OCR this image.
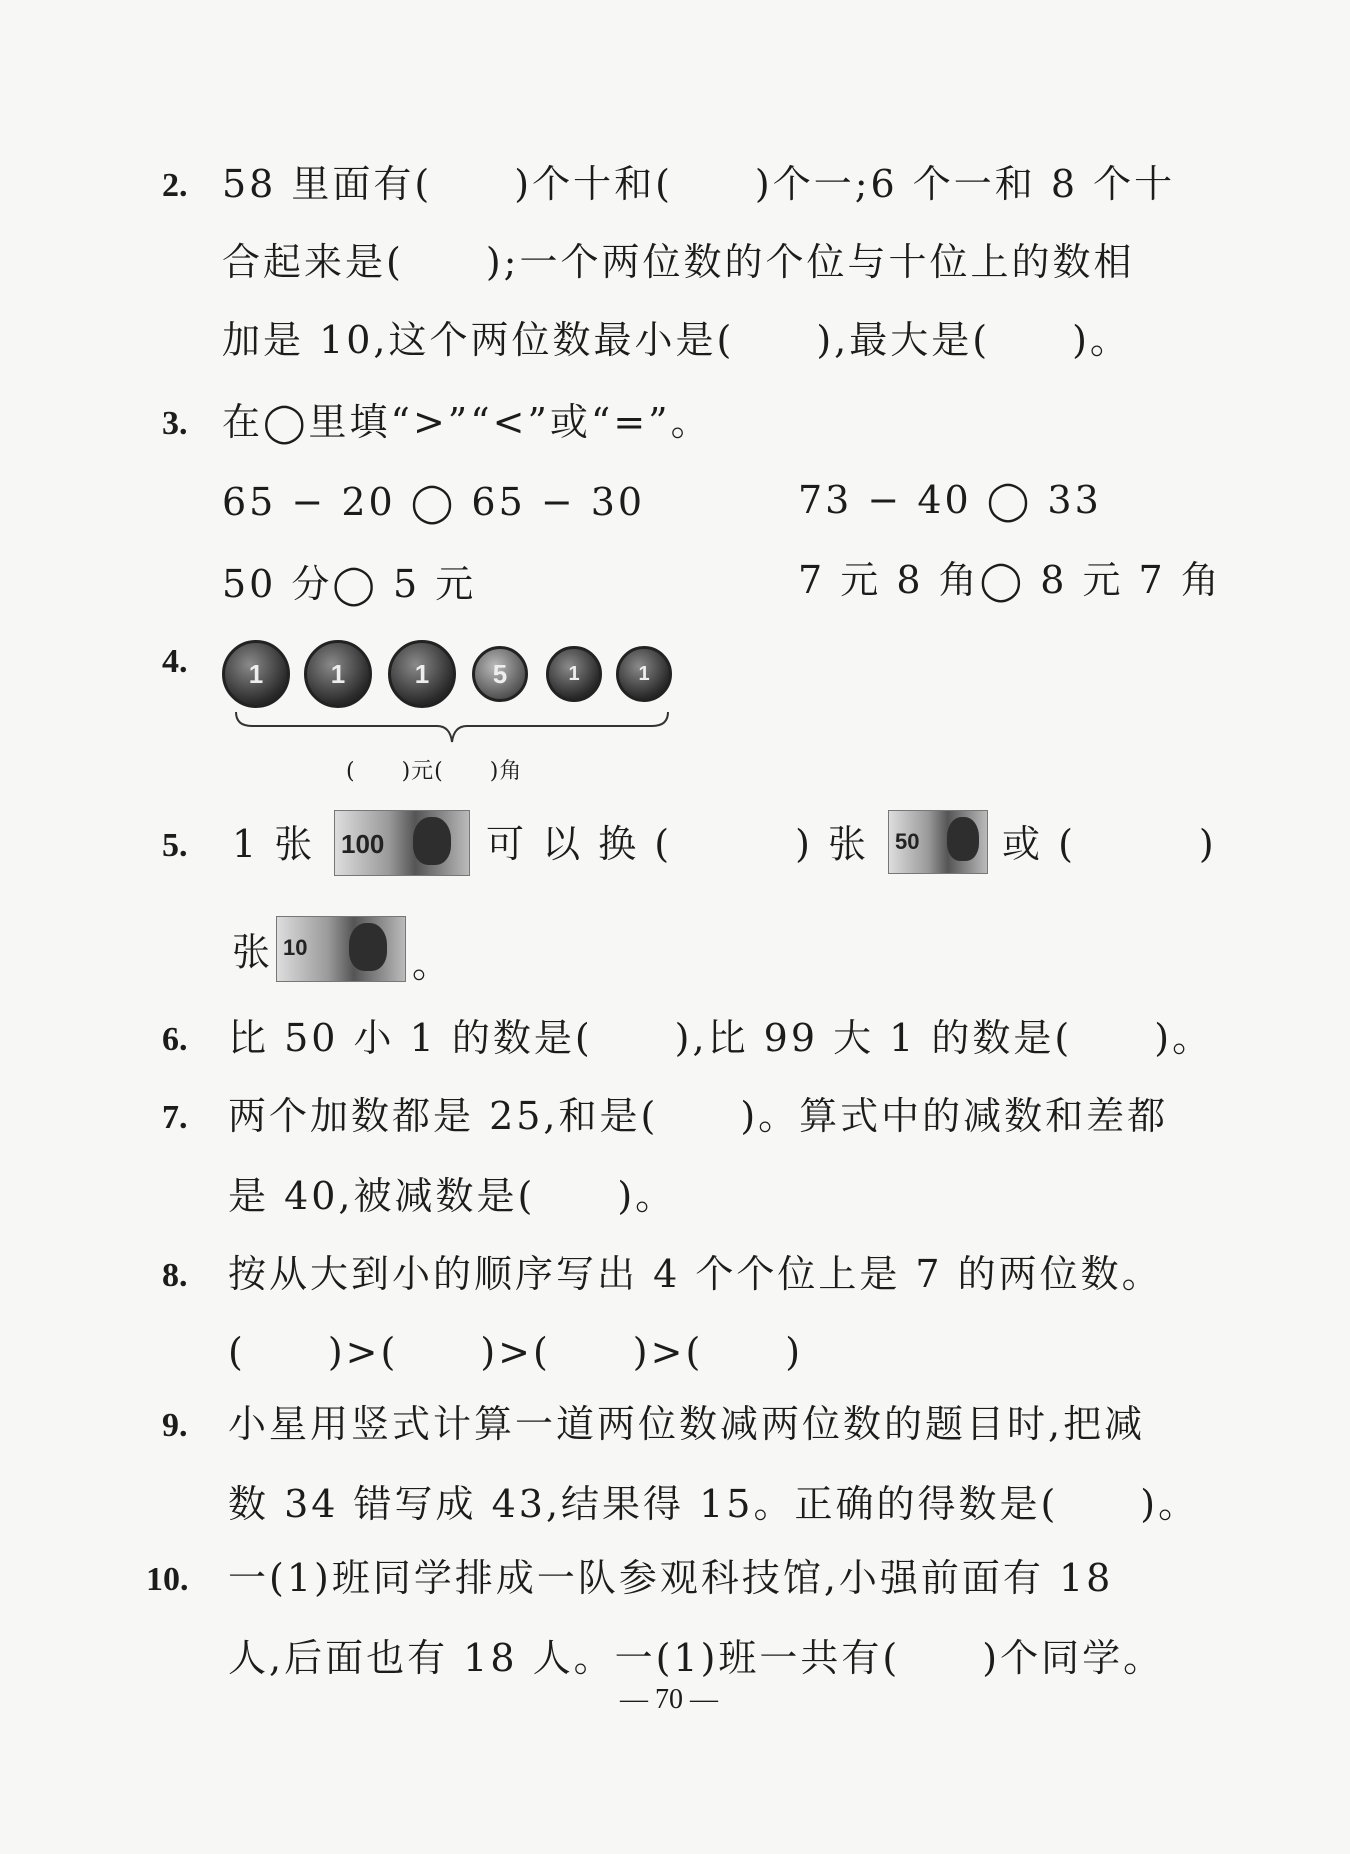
2. 58 里面有(　　)个十和(　　)个一;6 个一和 8 个十
合起来是(　　);一个两位数的个位与十位上的数相
加是 10,这个两位数最小是(　　),最大是(　　)。
3. 在◯里填“>”“<”或“=”。
65 − 20 ◯ 65 − 30	73 − 40 ◯ 33
50 分◯ 5 元	7 元 8 角◯ 8 元 7 角
4. 1	1	1 5	1	1
(　　)元(　　)角
5. 1 张 100	可 以 换 (　　　) 张 50 或 (　　　)
张 10	。
6. 比 50 小 1 的数是(　　),比 99 大 1 的数是(　　)。
7. 两个加数都是 25,和是(　　)。算式中的减数和差都
是 40,被减数是(　　)。
8. 按从大到小的顺序写出 4 个个位上是 7 的两位数。
(　　)>(　　)>(　　)>(　　)
9. 小星用竖式计算一道两位数减两位数的题目时,把减
数 34 错写成 43,结果得 15。正确的得数是(　　)。
10. 一(1)班同学排成一队参观科技馆,小强前面有 18
人,后面也有 18 人。一(1)班一共有(　　)个同学。
— 70 —
